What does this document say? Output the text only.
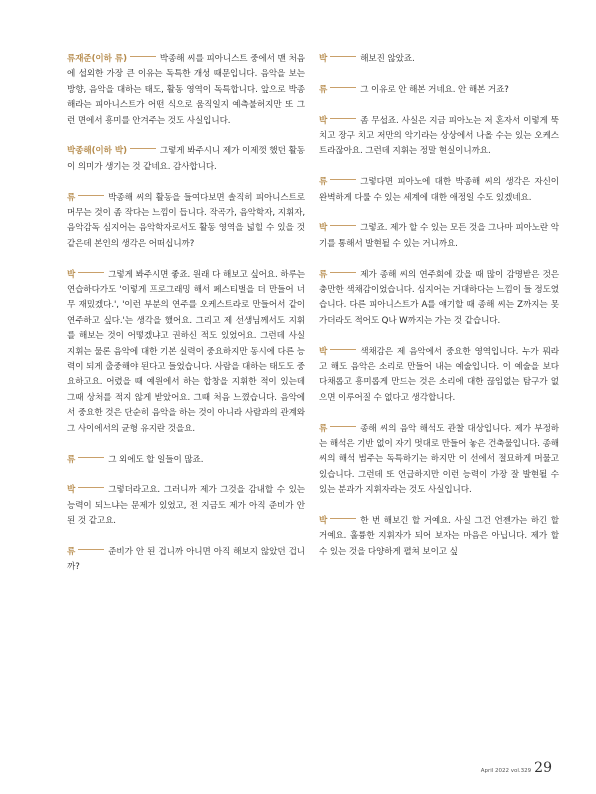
류재준(이하 류)	박종해 씨를 피아니스트 중에서 맨 처음에 섭외한 가장 큰 이유는 독특한 개성 때문입니다. 음악을 보는 방향, 음악을 대하는 태도, 활동 영역이 독특합니다. 앞으로 박종해라는 피아니스트가 어떤 식으로 움직일지 예측불허지만 또 그런 면에서 흥미를 안겨주는 것도 사실입니다.

박종해(이하 박)	그렇게 봐주시니 제가 이제껏 했던 활동이 의미가 생기는 것 같네요. 감사합니다.

류	박종해 씨의 활동을 들여다보면 솔직히 피아니스트로 머무는 것이 좀 작다는 느낌이 듭니다. 작곡가, 음악학자, 지휘자, 음악감독 심지어는 음악학자로서도 활동 영역을 넓힐 수 있을 것 같은데 본인의 생각은 어떠십니까?

박	그렇게 봐주시면 좋죠. 원래 다 해보고 싶어요. 하루는 연습하다가도 '이렇게 프로그래밍 해서 페스티벌을 더 만들어 너무 재밌겠다.', '이런 부분의 연주를 오케스트라로 만들어서 같이 연주하고 싶다.'는 생각을 했어요. 그리고 제 선생님께서도 지휘를 해보는 것이 어떻겠냐고 권하신 적도 있었어요. 그런데 사실 지휘는 물론 음악에 대한 기본 실력이 중요하지만 동시에 다른 능력이 되게 출중해야 된다고 들었습니다. 사람을 대하는 태도도 중요하고요. 어렸을 때 예원에서 하는 합창을 지휘한 적이 있는데 그때 상처를 적지 않게 받았어요. 그때 처음 느꼈습니다. 음악에서 중요한 것은 단순히 음악을 하는 것이 아니라 사람과의 관계와 그 사이에서의 균형 유지란 것을요.

류	그 외에도 할 일들이 많죠.

박	그렇더라고요. 그러니까 제가 그것을 감내할 수 있는 능력이 되느냐는 문제가 있었고, 전 지금도 제가 아직 준비가 안 된 것 같고요.

류	준비가 안 된 겁니까 아니면 아직 해보지 않았던 겁니까?

박	해보진 않았죠.

류	그 이유로 안 해본 거네요. 안 해본 거죠?

박	좀 무섭죠. 사실은 지금 피아노는 저 혼자서 이렇게 뚝 치고 장구 치고 저만의 악기라는 상상에서 나올 수는 있는 오케스트라잖아요. 그런데 지휘는 정말 현실이니까요.

류	그렇다면 피아노에 대한 박종해 씨의 생각은 자신이 완벽하게 다룰 수 있는 세계에 대한 애정일 수도 있겠네요.

박	그렇죠. 제가 할 수 있는 모든 것을 그나마 피아노란 악기를 통해서 발현될 수 있는 거니까요.

류	제가 종해 씨의 연주회에 갔을 때 많이 감명받은 것은 충만한 색채감이었습니다. 심지어는 거대하다는 느낌이 들 정도였습니다. 다른 피아니스트가 A를 얘기할 때 종해 씨는 Z까지는 못 가더라도 적어도 Q나 W까지는 가는 것 같습니다.

박	색채감은 제 음악에서 중요한 영역입니다. 누가 뭐라고 해도 음악은 소리로 만들어 내는 예술입니다. 이 예술을 보다 다채롭고 흥미롭게 만드는 것은 소리에 대한 끊임없는 탐구가 없으면 이루어질 수 없다고 생각합니다.

류	종해 씨의 음악 해석도 관찰 대상입니다. 제가 부정하는 해석은 기반 없이 자기 멋대로 만들어 놓은 건축물입니다. 종해 씨의 해석 범주는 독특하기는 하지만 이 선에서 절묘하게 머물고 있습니다. 그런데 또 언급하지만 이런 능력이 가장 잘 발현될 수 있는 분과가 지휘자라는 것도 사실입니다.

박	한 번 해보긴 할 거예요. 사실 그건 언젠가는 하긴 할 거예요. 훌륭한 지휘자가 되어 보자는 마음은 아닙니다. 제가 할 수 있는 것을 다양하게 펼쳐 보이고 싶

April 2022 vol.329 29
